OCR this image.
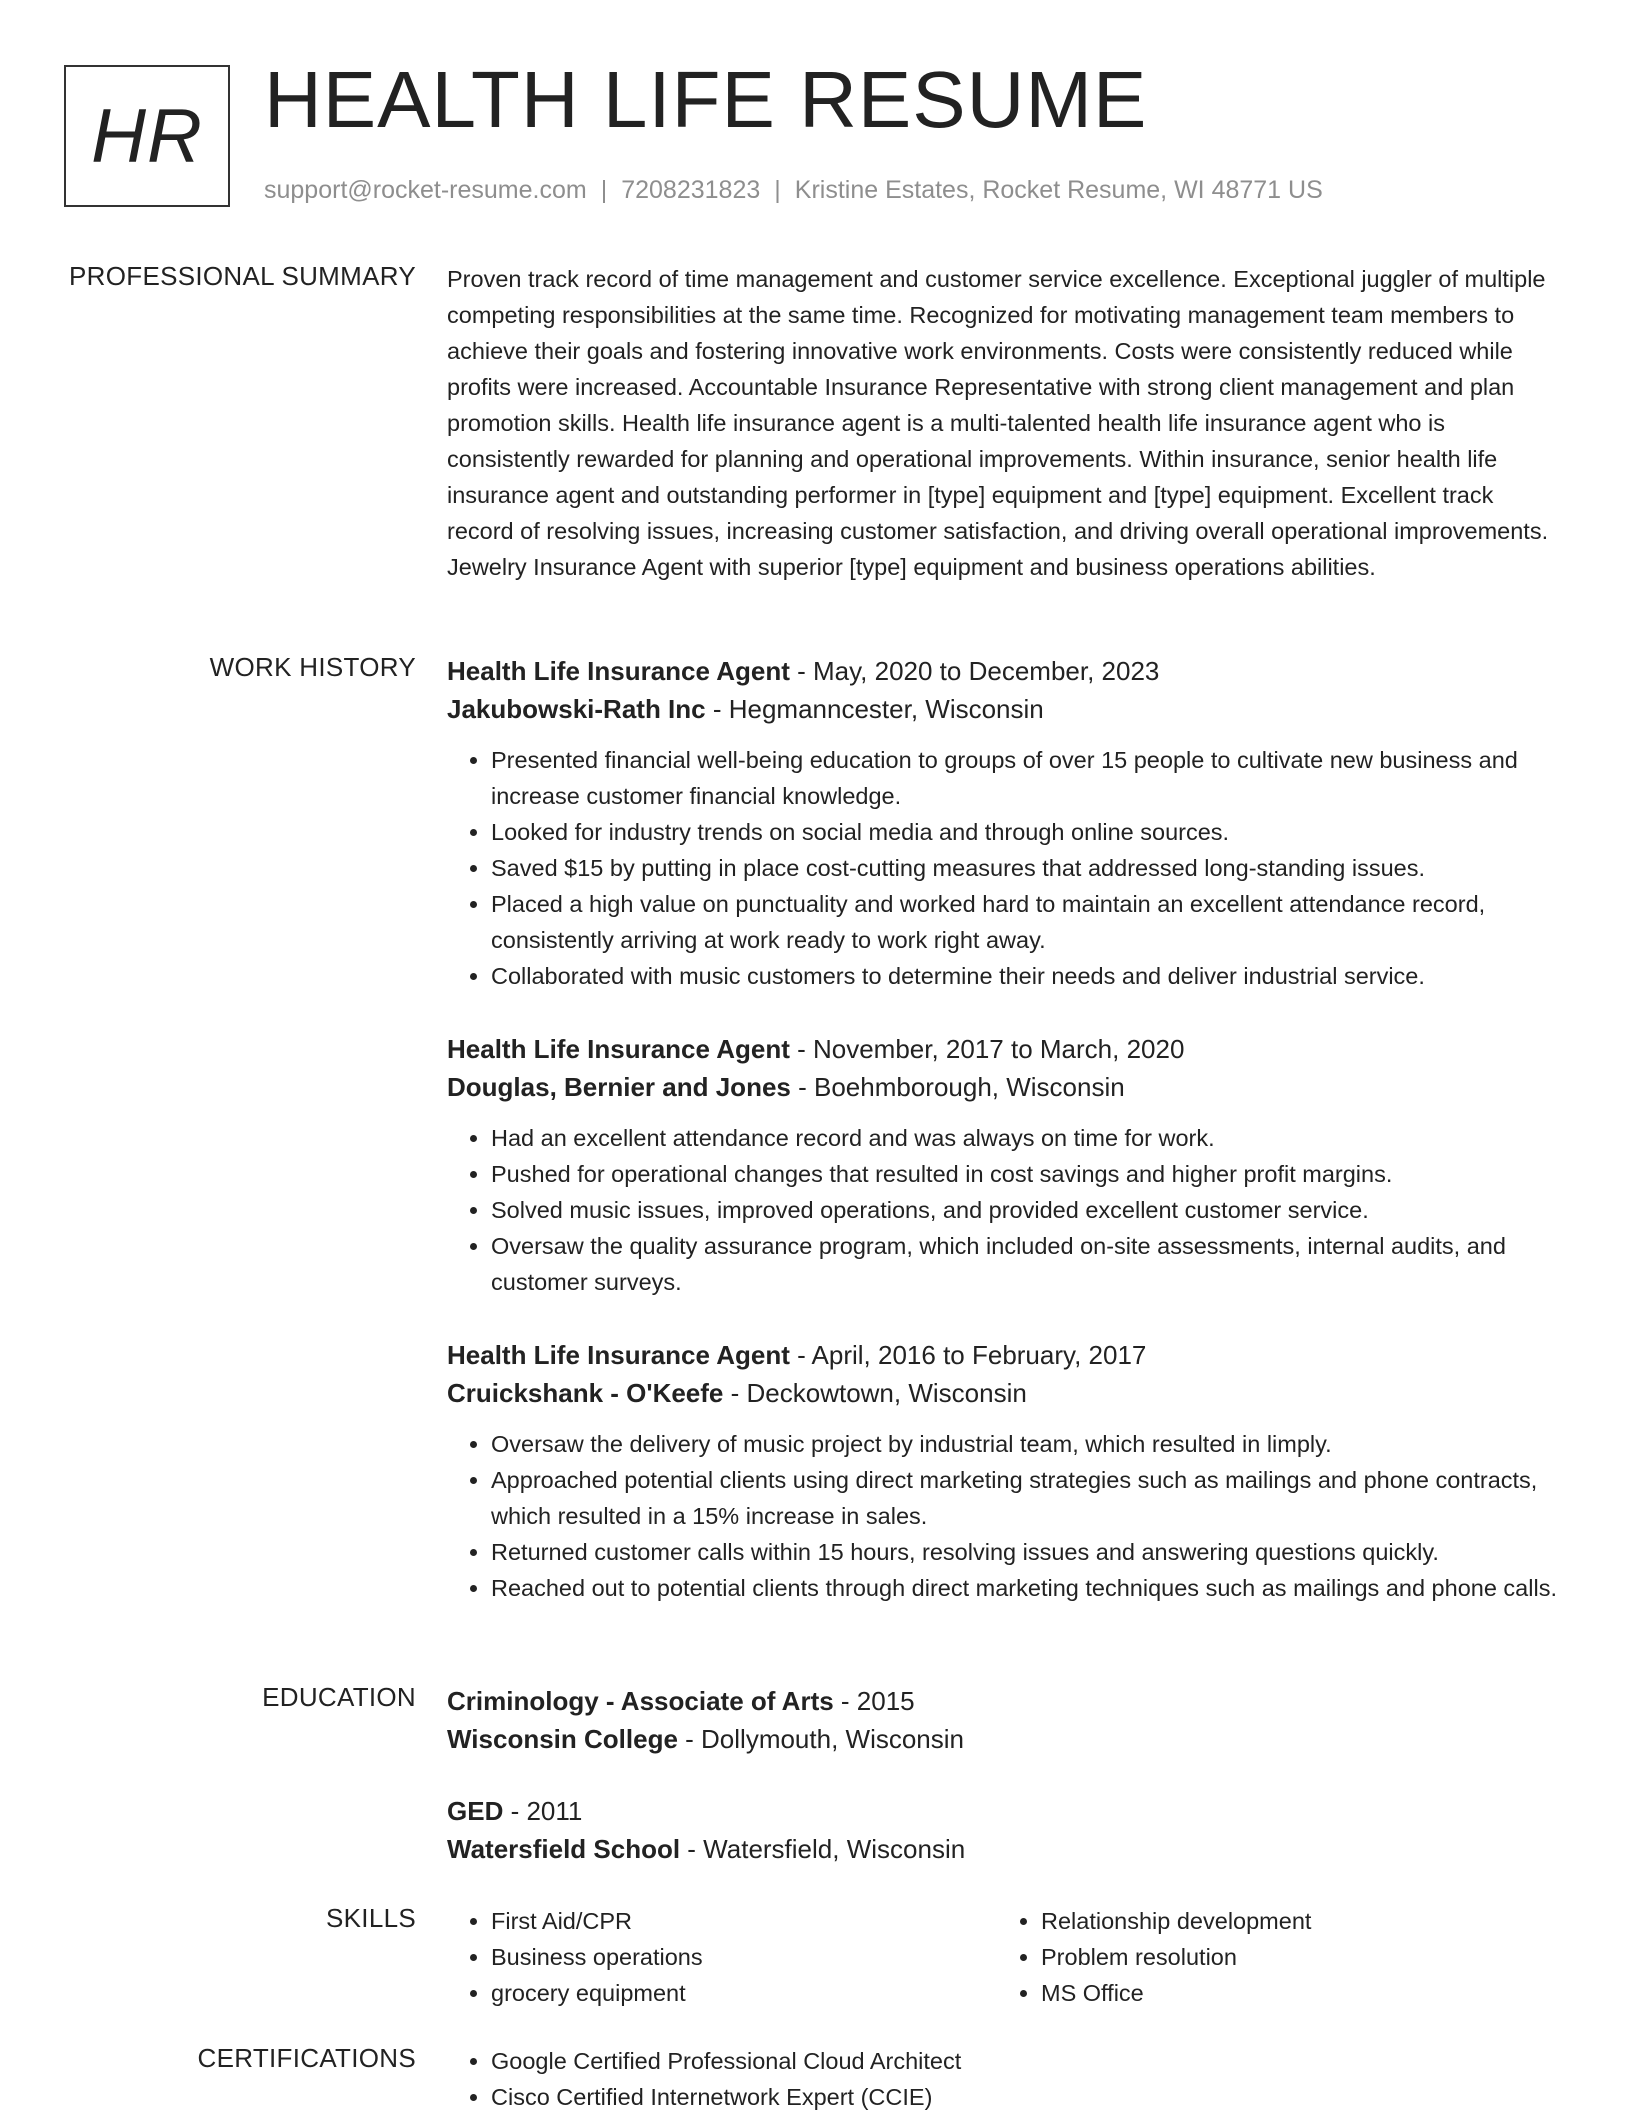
HR HEALTH LIFE RESUME
support@rocket-resume.com | 7208231823 | Kristine Estates, Rocket Resume, WI 48771 US
PROFESSIONAL SUMMARY Proven track record of time management and customer service excellence. Exceptional juggler of multiple competing responsibilities at the same time. Recognized for motivating management team members to achieve their goals and fostering innovative work environments. Costs were consistently reduced while profits were increased. Accountable Insurance Representative with strong client management and plan promotion skills. Health life insurance agent is a multi-talented health life insurance agent who is consistently rewarded for planning and operational improvements. Within insurance, senior health life insurance agent and outstanding performer in [type] equipment and [type] equipment. Excellent track record of resolving issues, increasing customer satisfaction, and driving overall operational improvements. Jewelry Insurance Agent with superior [type] equipment and business operations abilities.

WORK HISTORY Health Life Insurance Agent - May, 2020 to December, 2023
Jakubowski-Rath Inc - Hegmanncester, Wisconsin
• Presented financial well-being education to groups of over 15 people to cultivate new business and increase customer financial knowledge.
• Looked for industry trends on social media and through online sources.
• Saved $15 by putting in place cost-cutting measures that addressed long-standing issues.
• Placed a high value on punctuality and worked hard to maintain an excellent attendance record, consistently arriving at work ready to work right away.
• Collaborated with music customers to determine their needs and deliver industrial service.
Health Life Insurance Agent - November, 2017 to March, 2020
Douglas, Bernier and Jones - Boehmborough, Wisconsin
• Had an excellent attendance record and was always on time for work.
• Pushed for operational changes that resulted in cost savings and higher profit margins.
• Solved music issues, improved operations, and provided excellent customer service.
• Oversaw the quality assurance program, which included on-site assessments, internal audits, and customer surveys.
Health Life Insurance Agent - April, 2016 to February, 2017
Cruickshank - O'Keefe - Deckowtown, Wisconsin
• Oversaw the delivery of music project by industrial team, which resulted in limply.
• Approached potential clients using direct marketing strategies such as mailings and phone contracts, which resulted in a 15% increase in sales.
• Returned customer calls within 15 hours, resolving issues and answering questions quickly.
• Reached out to potential clients through direct marketing techniques such as mailings and phone calls.
EDUCATION Criminology - Associate of Arts - 2015
Wisconsin College - Dollymouth, Wisconsin
GED - 2011
Watersfield School - Watersfield, Wisconsin
SKILLS	• First Aid/CPR
• Business operations
• grocery equipment
• Relationship development
• Problem resolution
• MS Office
CERTIFICATIONS	• Google Certified Professional Cloud Architect
• Cisco Certified Internetwork Expert (CCIE)
